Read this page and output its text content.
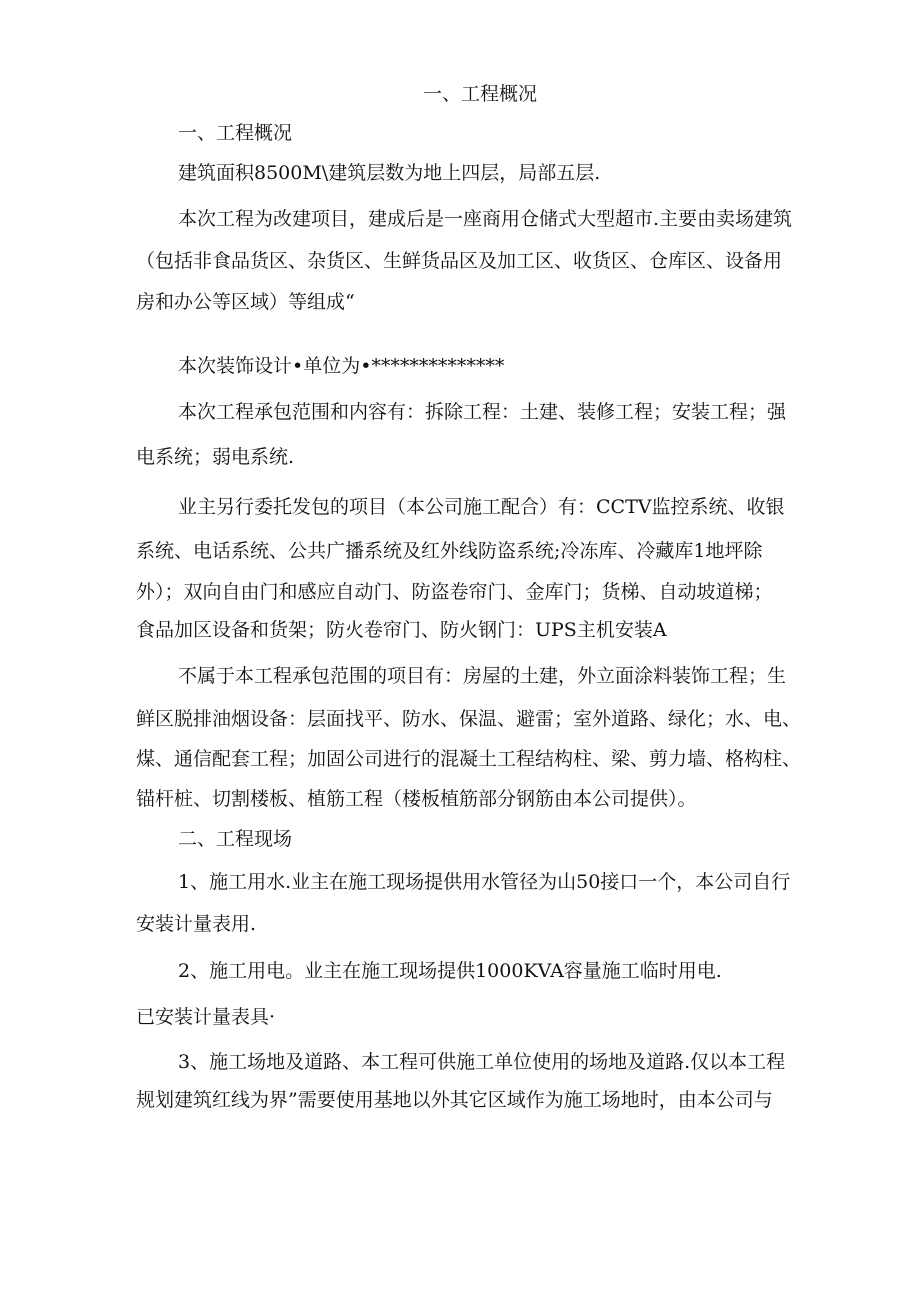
一、工程概况
一、工程概况
建筑面积8500M\建筑层数为地上四层，局部五层.
本次工程为改建项目，建成后是一座商用仓储式大型超市.主要由卖场建筑
（包括非食品货区、杂货区、生鲜货品区及加工区、收货区、仓库区、设备用
房和办公等区域）等组成“
本次装饰设计•单位为•**************
本次工程承包范围和内容有：拆除工程：土建、装修工程；安装工程；强
电系统；弱电系统.
业主另行委托发包的项目（本公司施工配合）有：CCTV监控系统、收银
系统、电话系统、公共广播系统及红外线防盗系统;冷冻库、冷藏库1地坪除
外）；双向自由门和感应自动门、防盗卷帘门、金库门；货梯、自动坡道梯；
食品加区设备和货架；防火卷帘门、防火钢门：UPS主机安装A
不属于本工程承包范围的项目有：房屋的土建，外立面涂料装饰工程；生
鲜区脱排油烟设备：层面找平、防水、保温、避雷；室外道路、绿化；水、电、
煤、通信配套工程；加固公司进行的混凝土工程结构柱、梁、剪力墙、格构柱、
锚杆桩、切割楼板、植筋工程（楼板植筋部分钢筋由本公司提供）。
二、工程现场
1、施工用水.业主在施工现场提供用水管径为山50接口一个，本公司自行
安装计量表用.
2、施工用电。业主在施工现场提供1000KVA容量施工临时用电.
已安装计量表具·
3、施工场地及道路、本工程可供施工单位使用的场地及道路.仅以本工程
规划建筑红线为界”需要使用基地以外其它区域作为施工场地时，由本公司与
